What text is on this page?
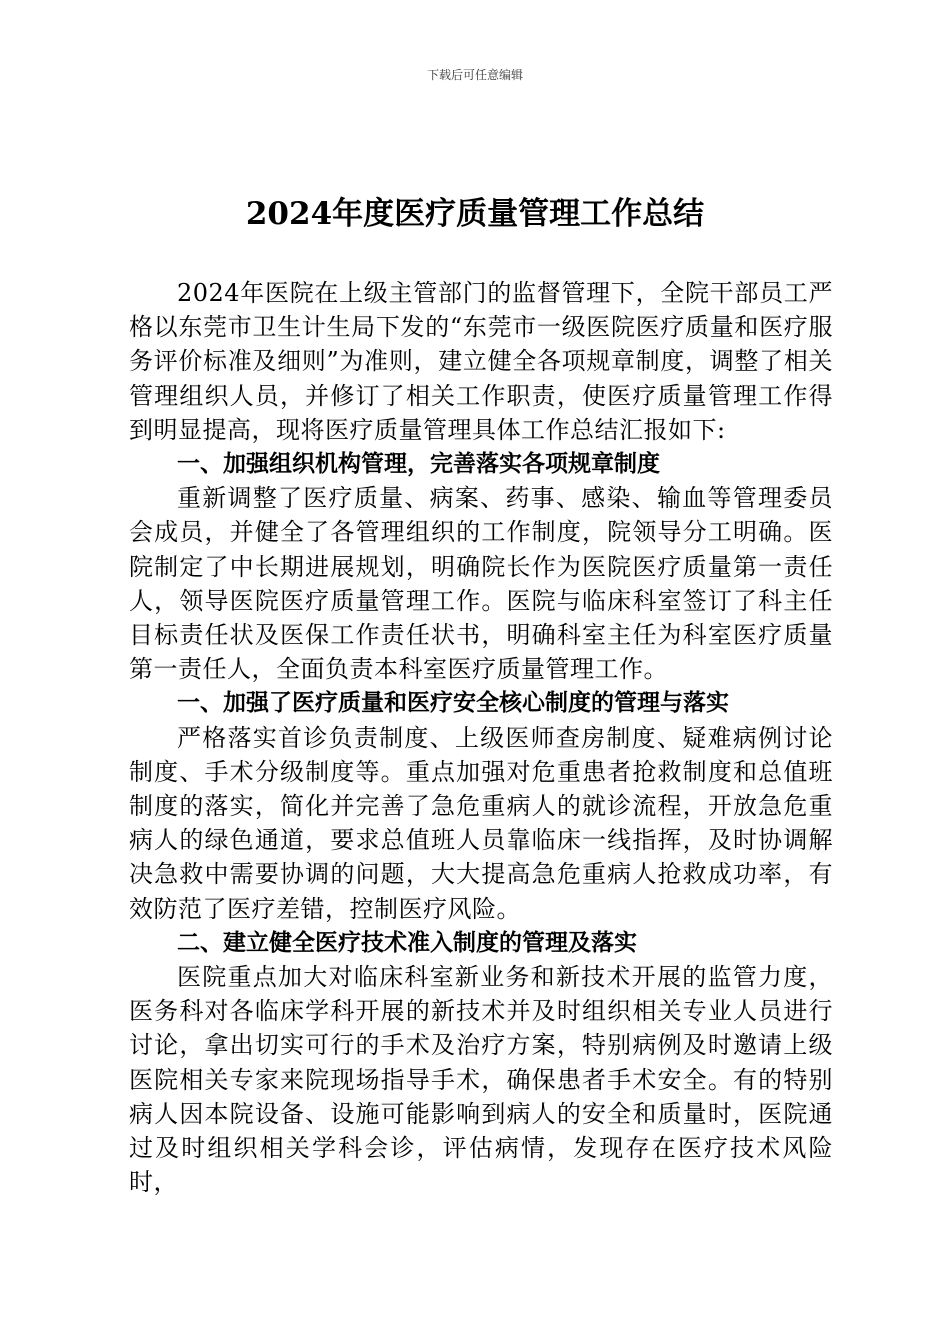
下载后可任意编辑
2024年度医疗质量管理工作总结

2024年医院在上级主管部门的监督管理下，全院干部员工严格以东莞市卫生计生局下发的“东莞市一级医院医疗质量和医疗服务评价标准及细则”为准则，建立健全各项规章制度，调整了相关管理组织人员，并修订了相关工作职责，使医疗质量管理工作得到明显提高，现将医疗质量管理具体工作总结汇报如下:

一、加强组织机构管理，完善落实各项规章制度

重新调整了医疗质量、病案、药事、感染、输血等管理委员会成员，并健全了各管理组织的工作制度，院领导分工明确。医院制定了中长期进展规划，明确院长作为医院医疗质量第一责任人，领导医院医疗质量管理工作。医院与临床科室签订了科主任目标责任状及医保工作责任状书，明确科室主任为科室医疗质量第一责任人，全面负责本科室医疗质量管理工作。

一、加强了医疗质量和医疗安全核心制度的管理与落实

严格落实首诊负责制度、上级医师查房制度、疑难病例讨论制度、手术分级制度等。重点加强对危重患者抢救制度和总值班制度的落实，简化并完善了急危重病人的就诊流程，开放急危重病人的绿色通道，要求总值班人员靠临床一线指挥，及时协调解决急救中需要协调的问题，大大提高急危重病人抢救成功率，有效防范了医疗差错，控制医疗风险。

二、建立健全医疗技术准入制度的管理及落实

医院重点加大对临床科室新业务和新技术开展的监管力度，医务科对各临床学科开展的新技术并及时组织相关专业人员进行讨论，拿出切实可行的手术及治疗方案，特别病例及时邀请上级医院相关专家来院现场指导手术，确保患者手术安全。有的特别病人因本院设备、设施可能影响到病人的安全和质量时，医院通过及时组织相关学科会诊，评估病情，发现存在医疗技术风险时，
